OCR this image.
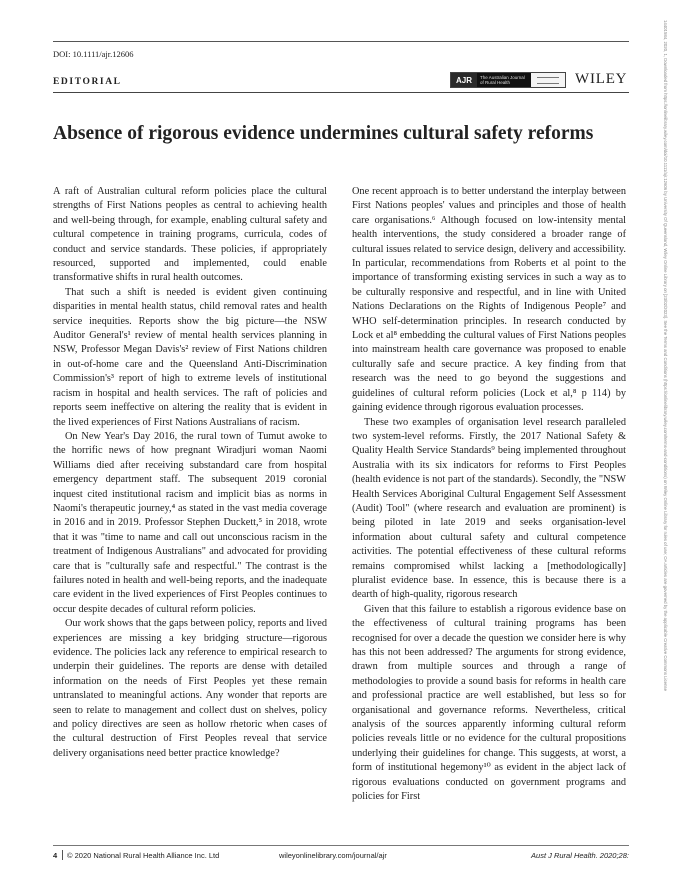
DOI: 10.1111/ajr.12606
EDITORIAL	AJR	The Australian Journal of Rural Health	WILEY
Absence of rigorous evidence undermines cultural safety reforms

A raft of Australian cultural reform policies place the cultural strengths of First Nations peoples as central to achieving health and well-being through, for example, enabling cultural safety and cultural competence in training programs, curricula, codes of conduct and service standards. These policies, if appropriately resourced, supported and implemented, could enable transformative shifts in rural health outcomes.

That such a shift is needed is evident given continuing disparities in mental health status, child removal rates and health service inequities. Reports show the big picture—the NSW Auditor General's¹ review of mental health services planning in NSW, Professor Megan Davis's² review of First Nations children in out-of-home care and the Queensland Anti-Discrimination Commission's³ report of high to extreme levels of institutional racism in hospital and health services. The raft of policies and reports seem ineffective on altering the reality that is evident in the lived experiences of First Nations Australians of racism.

On New Year's Day 2016, the rural town of Tumut awoke to the horrific news of how pregnant Wiradjuri woman Naomi Williams died after receiving substandard care from hospital emergency department staff. The subsequent 2019 coronial inquest cited institutional racism and implicit bias as norms in Naomi's therapeutic journey,⁴ as stated in the vast media coverage in 2016 and in 2019. Professor Stephen Duckett,⁵ in 2018, wrote that it was "time to name and call out unconscious racism in the treatment of Indigenous Australians" and advocated for providing care that is "culturally safe and respectful." The contrast is the failures noted in health and well-being reports, and the inadequate care evident in the lived experiences of First Peoples continues to occur despite decades of cultural reform policies.

Our work shows that the gaps between policy, reports and lived experiences are missing a key bridging structure—rigorous evidence. The policies lack any reference to empirical research to underpin their guidelines. The reports are dense with detailed information on the needs of First Peoples yet these remain untranslated to meaningful actions. Any wonder that reports are seen to relate to management and collect dust on shelves, policy and policy directives are seen as hollow rhetoric when cases of the cultural destruction of First Peoples reveal that service delivery organisations need better practice knowledge?

One recent approach is to better understand the interplay between First Nations peoples' values and principles and those of health care organisations.⁶ Although focused on low-intensity mental health interventions, the study considered a broader range of cultural issues related to service design, delivery and accessibility. In particular, recommendations from Roberts et al point to the importance of transforming existing services in such a way as to be culturally responsive and respectful, and in line with United Nations Declarations on the Rights of Indigenous People⁷ and WHO self-determination principles. In research conducted by Lock et al⁸ embedding the cultural values of First Nations peoples into mainstream health care governance was proposed to enable culturally safe and secure practice. A key finding from that research was the need to go beyond the suggestions and guidelines of cultural reform policies (Lock et al,⁸ p 114) by gaining evidence through rigorous evaluation processes.

These two examples of organisation level research paralleled two system-level reforms. Firstly, the 2017 National Safety & Quality Health Service Standards⁹ being implemented throughout Australia with its six indicators for reforms to First Peoples (health evidence is not part of the standards). Secondly, the "NSW Health Services Aboriginal Cultural Engagement Self Assessment (Audit) Tool" (where research and evaluation are prominent) is being piloted in late 2019 and seeks organisation-level information about cultural safety and cultural competence activities. The potential effectiveness of these cultural reforms remains compromised whilst lacking a [methodologically] pluralist evidence base. In essence, this is because there is a dearth of high-quality, rigorous research

Given that this failure to establish a rigorous evidence base on the effectiveness of cultural training programs has been recognised for over a decade the question we consider here is why has this not been addressed? The arguments for strong evidence, drawn from multiple sources and through a range of methodologies to provide a sound basis for reforms in health care and professional practice are well established, but less so for organisational and governance reforms. Nevertheless, critical analysis of the sources apparently informing cultural reform policies reveals little or no evidence for the cultural propositions underlying their guidelines for change. This suggests, at worst, a form of institutional hegemony¹⁰ as evident in the abject lack of rigorous evaluations conducted on government programs and policies for First

4 © 2020 National Rural Health Alliance Inc. Ltd	wileyonlinelibrary.com/journal/ajr	Aust J Rural Health. 2020;28:
14401584, 2020, 1, Downloaded from https://onlinelibrary.wiley.com/doi/10.1111/ajr.12606 by University Of Queensland, Wiley Online Library on [23/02/2023]. See the Terms and Conditions (https://onlinelibrary.wiley.com/terms-and-conditions) on Wiley Online Library for rules of use; OA articles are governed by the applicable Creative Commons License
